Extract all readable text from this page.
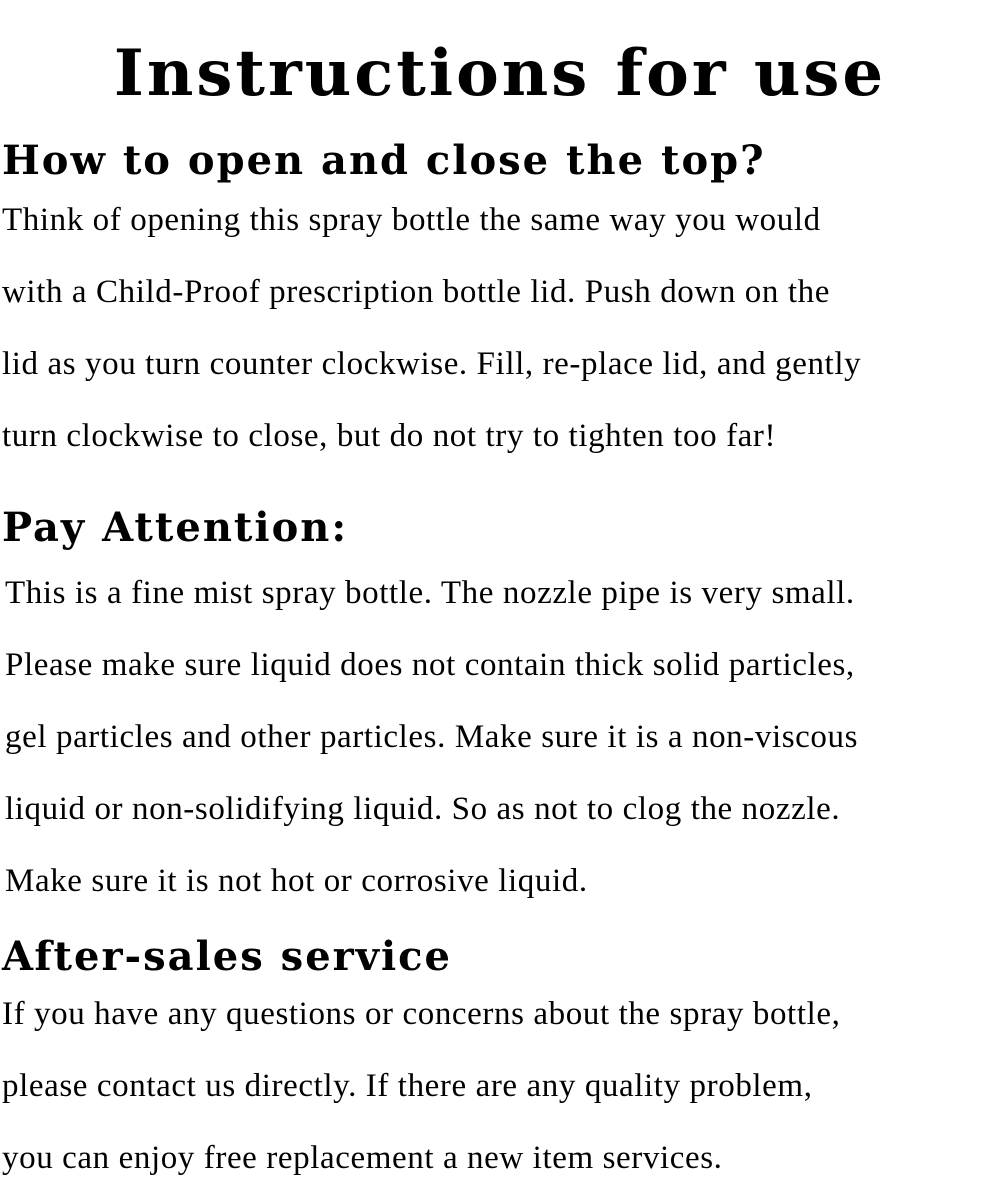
Instructions for use
How to open and close the top?
Think of opening this spray bottle the same way you would
with a Child-Proof prescription bottle lid. Push down on the
lid as you turn counter clockwise. Fill, re-place lid, and gently
turn clockwise to close, but do not try to tighten too far!
Pay Attention:
This is a fine mist spray bottle. The nozzle pipe is very small.
Please make sure liquid does not contain thick solid particles,
gel particles and other particles. Make sure it is a non-viscous
liquid or non-solidifying liquid. So as not to clog the nozzle.
Make sure it is not hot or corrosive liquid.
After-sales service
If you have any questions or concerns about the spray bottle,
please contact us directly. If there are any quality problem,
you can enjoy free replacement a new item services.
